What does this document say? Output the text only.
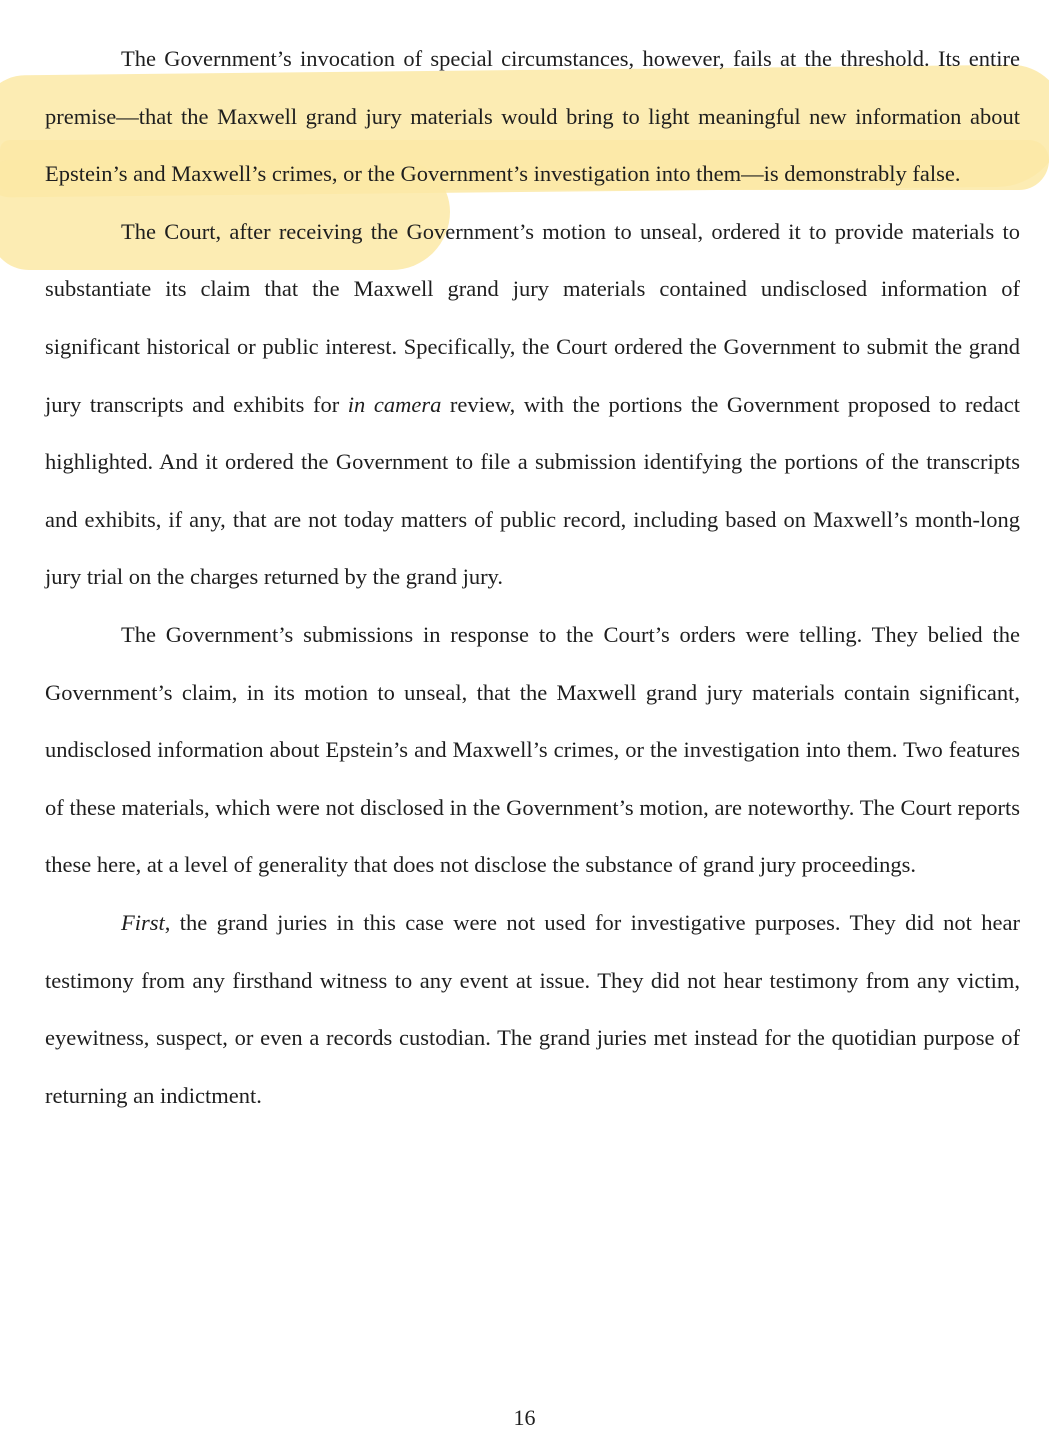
The Government’s invocation of special circumstances, however, fails at the threshold. Its entire premise—that the Maxwell grand jury materials would bring to light meaningful new information about Epstein’s and Maxwell’s crimes, or the Government’s investigation into them—is demonstrably false.

The Court, after receiving the Government’s motion to unseal, ordered it to provide materials to substantiate its claim that the Maxwell grand jury materials contained undisclosed information of significant historical or public interest. Specifically, the Court ordered the Government to submit the grand jury transcripts and exhibits for in camera review, with the portions the Government proposed to redact highlighted. And it ordered the Government to file a submission identifying the portions of the transcripts and exhibits, if any, that are not today matters of public record, including based on Maxwell’s month-long jury trial on the charges returned by the grand jury.

The Government’s submissions in response to the Court’s orders were telling. They belied the Government’s claim, in its motion to unseal, that the Maxwell grand jury materials contain significant, undisclosed information about Epstein’s and Maxwell’s crimes, or the investigation into them. Two features of these materials, which were not disclosed in the Government’s motion, are noteworthy. The Court reports these here, at a level of generality that does not disclose the substance of grand jury proceedings.

First, the grand juries in this case were not used for investigative purposes. They did not hear testimony from any firsthand witness to any event at issue. They did not hear testimony from any victim, eyewitness, suspect, or even a records custodian. The grand juries met instead for the quotidian purpose of returning an indictment.

16
